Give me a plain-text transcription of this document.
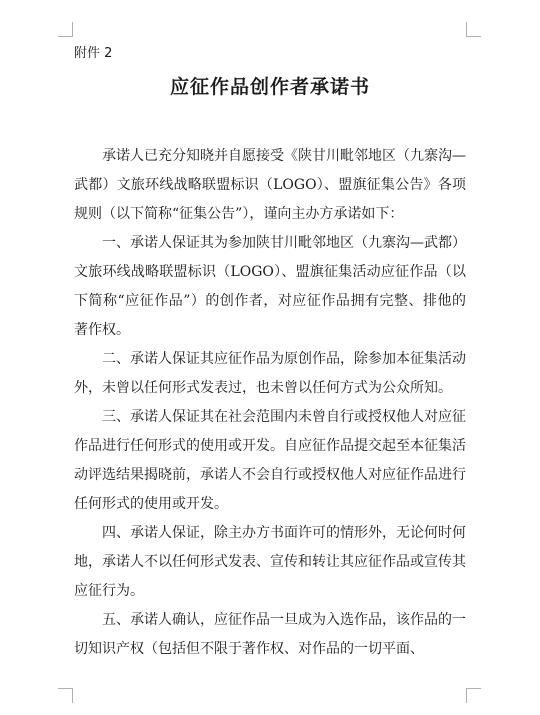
附件 2
应征作品创作者承诺书

承诺人已充分知晓并自愿接受《陕甘川毗邻地区（九寨沟—武都）文旅环线战略联盟标识（LOGO）、盟旗征集公告》各项规则（以下简称“征集公告”），谨向主办方承诺如下：

一、承诺人保证其为参加陕甘川毗邻地区（九寨沟—武都）文旅环线战略联盟标识（LOGO）、盟旗征集活动应征作品（以下简称“应征作品”）的创作者，对应征作品拥有完整、排他的著作权。

二、承诺人保证其应征作品为原创作品，除参加本征集活动外，未曾以任何形式发表过，也未曾以任何方式为公众所知。

三、承诺人保证其在社会范围内未曾自行或授权他人对应征作品进行任何形式的使用或开发。自应征作品提交起至本征集活动评选结果揭晓前，承诺人不会自行或授权他人对应征作品进行任何形式的使用或开发。

四、承诺人保证，除主办方书面许可的情形外，无论何时何地，承诺人不以任何形式发表、宣传和转让其应征作品或宣传其应征行为。

五、承诺人确认，应征作品一旦成为入选作品，该作品的一切知识产权（包括但不限于著作权、对作品的一切平面、
